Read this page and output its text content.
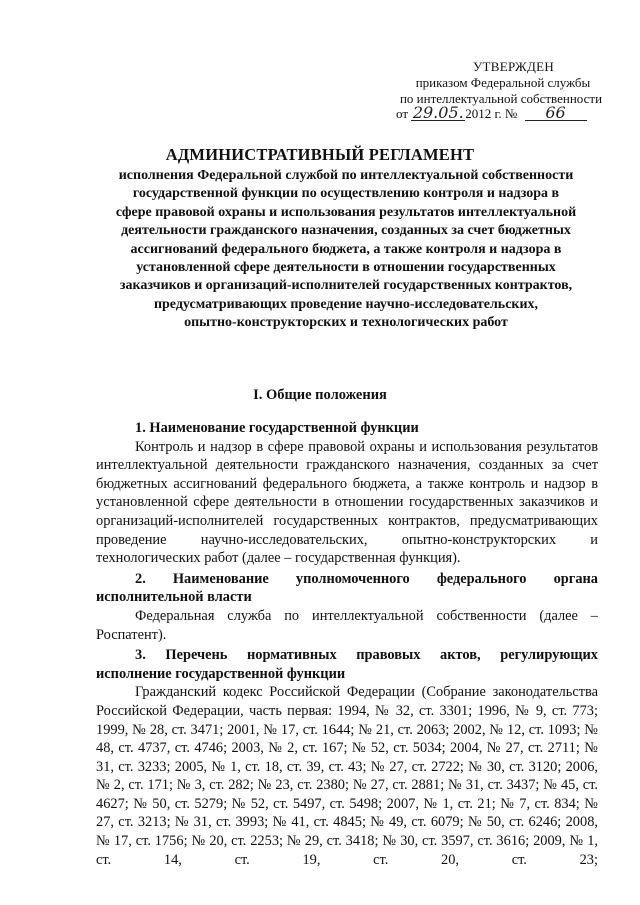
УТВЕРЖДЕН
приказом Федеральной службы
по интеллектуальной собственности
от 29.05. 2012 г. № 66
АДМИНИСТРАТИВНЫЙ РЕГЛАМЕНТ
исполнения Федеральной службой по интеллектуальной собственности
государственной функции по осуществлению контроля и надзора в
сфере правовой охраны и использования результатов интеллектуальной
деятельности гражданского назначения, созданных за счет бюджетных
ассигнований федерального бюджета, а также контроля и надзора в
установленной сфере деятельности в отношении государственных
заказчиков и организаций-исполнителей государственных контрактов,
предусматривающих проведение научно-исследовательских,
опытно-конструкторских и технологических работ
I. Общие положения

1. Наименование государственной функции

Контроль и надзор в сфере правовой охраны и использования результатов интеллектуальной деятельности гражданского назначения, созданных за счет бюджетных ассигнований федерального бюджета, а также контроль и надзор в установленной сфере деятельности в отношении государственных заказчиков и организаций-исполнителей государственных контрактов, предусматривающих проведение научно-исследовательских, опытно-конструкторских и технологических работ (далее – государственная функция).

2. Наименование уполномоченного федерального органа

исполнительной власти

Федеральная служба по интеллектуальной собственности (далее – Роспатент).

3. Перечень нормативных правовых актов, регулирующих

исполнение государственной функции

Гражданский кодекс Российской Федерации (Собрание законодательства Российской Федерации, часть первая: 1994, № 32, ст. 3301; 1996, № 9, ст. 773; 1999, № 28, ст. 3471; 2001, № 17, ст. 1644; № 21, ст. 2063; 2002, № 12, ст. 1093; № 48, ст. 4737, ст. 4746; 2003, № 2, ст. 167; № 52, ст. 5034; 2004, № 27, ст. 2711; № 31, ст. 3233; 2005, № 1, ст. 18, ст. 39, ст. 43; № 27, ст. 2722; № 30, ст. 3120; 2006, № 2, ст. 171; № 3, ст. 282; № 23, ст. 2380; № 27, ст. 2881; № 31, ст. 3437; № 45, ст. 4627; № 50, ст. 5279; № 52, ст. 5497, ст. 5498; 2007, № 1, ст. 21; № 7, ст. 834; № 27, ст. 3213; № 31, ст. 3993; № 41, ст. 4845; № 49, ст. 6079; № 50, ст. 6246; 2008, № 17, ст. 1756; № 20, ст. 2253; № 29, ст. 3418; № 30, ст. 3597, ст. 3616; 2009, № 1, ст. 14, ст. 19, ст. 20, ст. 23;
